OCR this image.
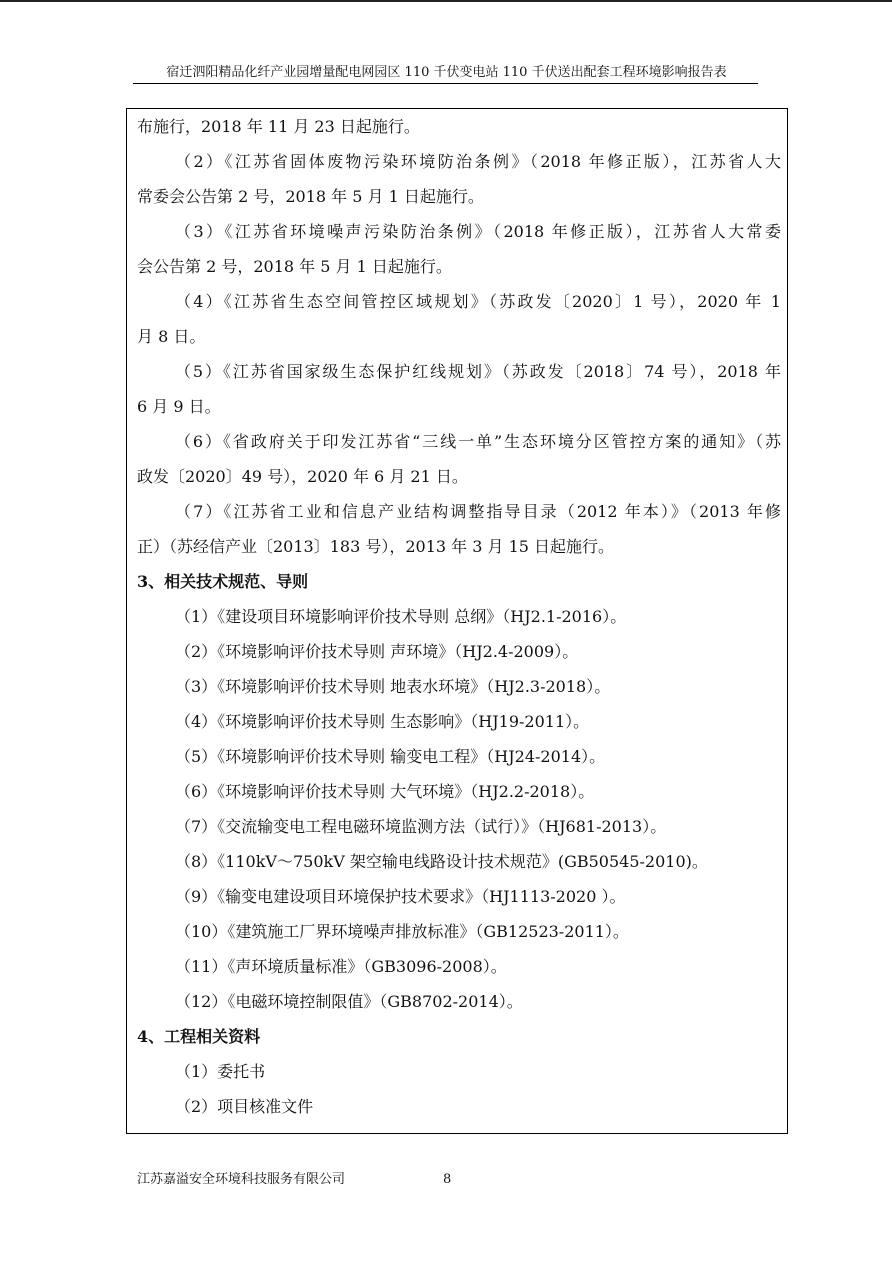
宿迁泗阳精品化纤产业园增量配电网园区 110 千伏变电站 110 千伏送出配套工程环境影响报告表

布施行，2018 年 11 月 23 日起施行。

（2）《江苏省固体废物污染环境防治条例》（2018 年修正版），江苏省人大

常委会公告第 2 号，2018 年 5 月 1 日起施行。

（3）《江苏省环境噪声污染防治条例》（2018 年修正版），江苏省人大常委

会公告第 2 号，2018 年 5 月 1 日起施行。

（4）《江苏省生态空间管控区域规划》（苏政发〔2020〕1 号），2020 年 1

月 8 日。

（5）《江苏省国家级生态保护红线规划》（苏政发〔2018〕74 号），2018 年

6 月 9 日。

（6）《省政府关于印发江苏省“三线一单”生态环境分区管控方案的通知》（苏

政发〔2020〕49 号），2020 年 6 月 21 日。

（7）《江苏省工业和信息产业结构调整指导目录（2012 年本）》（2013 年修

正）（苏经信产业〔2013〕183 号），2013 年 3 月 15 日起施行。

3、相关技术规范、导则

（1）《建设项目环境影响评价技术导则 总纲》（HJ2.1-2016）。

（2）《环境影响评价技术导则 声环境》（HJ2.4-2009）。

（3）《环境影响评价技术导则 地表水环境》（HJ2.3-2018）。

（4）《环境影响评价技术导则 生态影响》（HJ19-2011）。

（5）《环境影响评价技术导则 输变电工程》（HJ24-2014）。

（6）《环境影响评价技术导则 大气环境》（HJ2.2-2018）。

（7）《交流输变电工程电磁环境监测方法（试行）》（HJ681-2013）。

（8）《110kV～750kV 架空输电线路设计技术规范》(GB50545-2010)。

（9）《输变电建设项目环境保护技术要求》（HJ1113-2020 ）。

（10）《建筑施工厂界环境噪声排放标准》（GB12523-2011）。

（11）《声环境质量标准》（GB3096-2008）。

（12）《电磁环境控制限值》（GB8702-2014）。

4、工程相关资料

（1）委托书

（2）项目核准文件

江苏嘉溢安全环境科技服务有限公司	8
